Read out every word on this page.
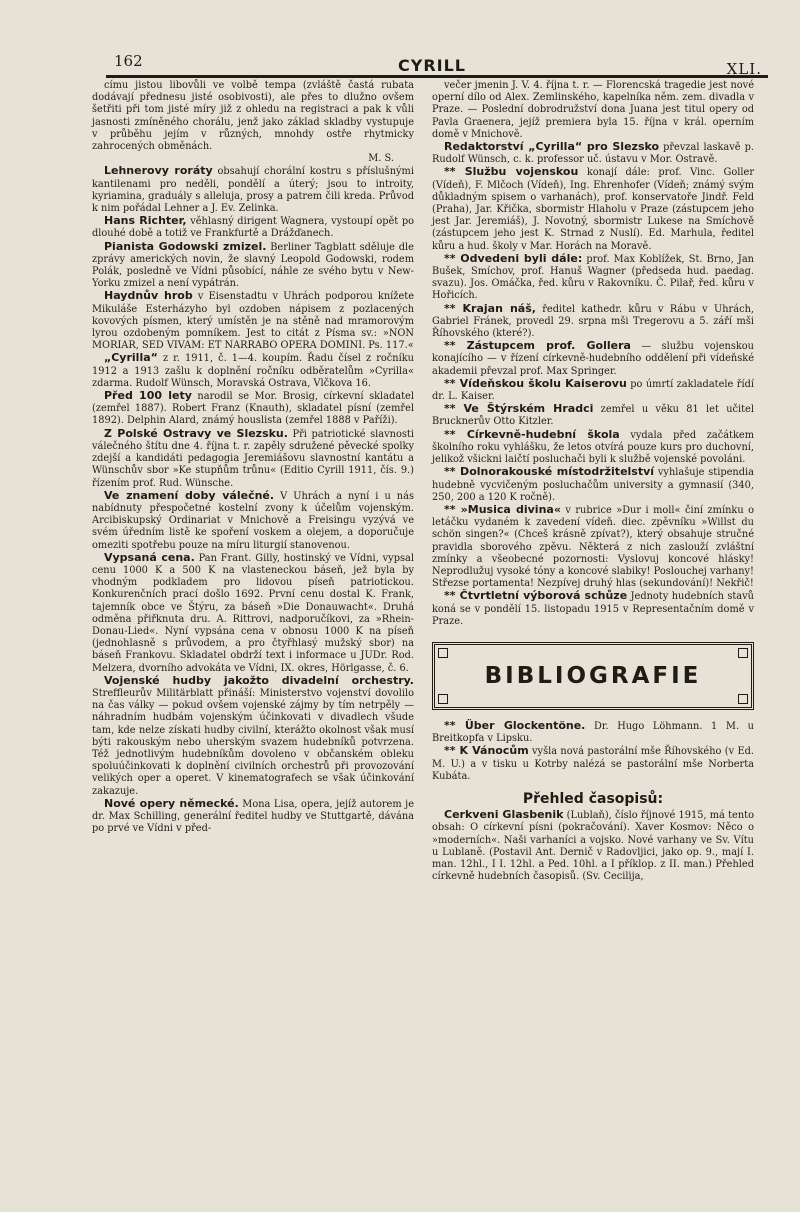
162	CYRILL	XLI.

címu jistou libovůli ve volbě tempa (zvláště častá rubata dodávají přednesu jisté osobivosti), ale přes to dlužno ovšem šetřiti při tom jisté míry již z ohledu na registraci a pak k vůli jasnosti zmíněného chorálu, jenž jako základ skladby vystupuje v průběhu jejím v různých, mnohdy ostře rhytmicky zahrocených obměnách.

M. S.

Lehnerovy roráty obsahují chorální kostru s příslušnými kantilenami pro neděli, pondělí a úterý; jsou to introity, kyriamina, graduály s alleluja, prosy a patrem čili kreda. Průvod k nim pořádal Lehner a J. Ev. Zelinka.

Hans Richter, věhlasný dirigent Wagnera, vystoupí opět po dlouhé době a totiž ve Frankfurtě a Drážďanech.

Pianista Godowski zmizel. Berliner Tagblatt sděluje dle zprávy amerických novin, že slavný Leopold Godowski, rodem Polák, posledně ve Vídni působící, náhle ze svého bytu v New-Yorku zmizel a není vypátrán.

Haydnův hrob v Eisenstadtu v Uhrách podporou knížete Mikuláše Esterházyho byl ozdoben nápisem z pozlacených kovových písmen, který umístěn je na stěně nad mramorovým lyrou ozdobeným pomníkem. Jest to citát z Písma sv.: »NON MORIAR, SED VIVAM: ET NARRABO OPERA DOMINI. Ps. 117.«

„Cyrilla“ z r. 1911, č. 1—4. koupím. Řadu čísel z ročníku 1912 a 1913 zašlu k doplnění ročníku odběratelům »Cyrilla« zdarma. Rudolf Wünsch, Moravská Ostrava, Vlčkova 16.

Před 100 lety narodil se Mor. Brosig, církevní skladatel (zemřel 1887). Robert Franz (Knauth), skladatel písní (zemřel 1892). Delphin Alard, známý houslista (zemřel 1888 v Paříži).

Z Polské Ostravy ve Slezsku. Při patriotické slavnosti válečného štítu dne 4. října t. r. zapěly sdružené pěvecké spolky zdejší a kandidáti pedagogia Jeremiášovu slavnostní kantátu a Wünschův sbor »Ke stupňům trůnu« (Editio Cyrill 1911, čís. 9.) řízením prof. Rud. Wünsche.

Ve znamení doby válečné. V Uhrách a nyní i u nás nabídnuty přespočetné kostelní zvony k účelům vojenským. Arcibiskupský Ordinariat v Mnichově a Freisingu vyzývá ve svém úředním listě ke spoření voskem a olejem, a doporučuje omeziti spotřebu pouze na míru liturgií stanovenou.

Vypsaná cena. Pan Frant. Gilly, hostinský ve Vídni, vypsal cenu 1000 K a 500 K na vlasteneckou báseň, jež byla by vhodným podkladem pro lidovou píseň patriotickou. Konkurenčních prací došlo 1692. První cenu dostal K. Frank, tajemník obce ve Štýru, za báseň »Die Donauwacht«. Druhá odměna přiřknuta dru. A. Rittrovi, nadporučíkovi, za »Rhein-Donau-Lied«. Nyní vypsána cena v obnosu 1000 K na píseň (jednohlasně s průvodem, a pro čtyřhlasý mužský sbor) na báseň Frankovu. Skladatel obdrží text i informace u JUDr. Rod. Melzera, dvorního advokáta ve Vídni, IX. okres, Hörlgasse, č. 6.

Vojenské hudby jakožto divadelní orchestry. Streffleurův Militärblatt přináší: Ministerstvo vojenství dovolilo na čas války — pokud ovšem vojenské zájmy by tím netrpěly — náhradním hudbám vojenským účinkovati v divadlech všude tam, kde nelze získati hudby civilní, kterážto okolnost však musí býti rakouským nebo uherským svazem hudebníků potvrzena. Též jednotlivým hudebníkům dovoleno v občanském obleku spoluúčinkovati k doplnění civilních orchestrů při provozování velikých oper a operet. V kinematografech se však účinkování zakazuje.

Nové opery německé. Mona Lisa, opera, jejíž autorem je dr. Max Schilling, generální ředitel hudby ve Stuttgartě, dávána po prvé ve Vídni v před-

večer jmenin J. V. 4. října t. r. — Florencská tragedie jest nové operní dílo od Alex. Zemlinského, kapelníka něm. zem. divadla v Praze. — Poslední dobrodružství dona Juana jest titul opery od Pavla Graenera, jejíž premiera byla 15. října v král. operním domě v Mnichově.

Redaktorství „Cyrilla“ pro Slezsko převzal laskavě p. Rudolf Wünsch, c. k. professor uč. ústavu v Mor. Ostravě.

** Službu vojenskou konají dále: prof. Vinc. Goller (Vídeň), F. Mlčoch (Vídeň), Ing. Ehrenhofer (Vídeň; známý svým důkladným spisem o varhanách), prof. konservatoře Jindř. Feld (Praha), Jar. Křička, sbormistr Hlaholu v Praze (zástupcem jeho jest Jar. Jeremiáš), J. Novotný, sbormistr Lukese na Smíchově (zástupcem jeho jest K. Strnad z Nuslí). Ed. Marhula, ředitel kůru a hud. školy v Mar. Horách na Moravě.

** Odvedeni byli dále: prof. Max Koblížek, St. Brno, Jan Bušek, Smíchov, prof. Hanuš Wagner (předseda hud. paedag. svazu). Jos. Omáčka, řed. kůru v Rakovníku. Č. Pilař, řed. kůru v Hořicích.

** Krajan náš, ředitel kathedr. kůru v Rábu v Uhrách, Gabriel Fránek, provedl 29. srpna mši Tregerovu a 5. září mši Říhovského (které?).

** Zástupcem prof. Gollera — službu vojenskou konajícího — v řízení církevně-hudebního oddělení při vídeňské akademii převzal prof. Max Springer.

** Vídeňskou školu Kaiserovu po úmrtí zakladatele řídí dr. L. Kaiser.

** Ve Štýrském Hradci zemřel u věku 81 let učitel Brucknerův Otto Kitzler.

** Církevně-hudební škola vydala před začátkem školního roku vyhlášku, že letos otvírá pouze kurs pro duchovní, jelikož všickni laičtí posluchači byli k službě vojenské povoláni.

** Dolnorakouské místodržitelství vyhlašuje stipendia hudebně vycvičeným posluchačům university a gymnasií (340, 250, 200 a 120 K ročně).

** »Musica divina« v rubrice »Dur i moll« činí zmínku o letáčku vydaném k zavedení vídeň. diec. zpěvníku »Willst du schön singen?« (Chceš krásně zpívat?), který obsahuje stručné pravidla sborového zpěvu. Některá z nich zaslouží zvláštní zmínky a všeobecné pozornosti: Vyslovuj koncové hlásky! Neprodlužuj vysoké tóny a koncové slabiky! Poslouchej varhany! Střezse portamenta! Nezpívej druhý hlas (sekundování)! Nekřič!

** Čtvrtletní výborová schůze Jednoty hudebních stavů koná se v pondělí 15. listopadu 1915 v Representačním domě v Praze.

BIBLIOGRAFIE

** Über Glockentöne. Dr. Hugo Löhmann. 1 M. u Breitkopfa v Lipsku.

** K Vánocům vyšla nová pastorální mše Říhovského (v Ed. M. U.) a v tisku u Kotrby nalézá se pastorální mše Norberta Kubáta.

Přehled časopisů:

Cerkveni Glasbenik (Lublaň), číslo říjnové 1915, má tento obsah: O církevní písni (pokračování). Xaver Kosmov: Něco o »moderních«. Naši varhaníci a vojsko. Nové varhany ve Sv. Vítu u Lublaně. (Postavil Ant. Dernič v Radovljici, jako op. 9., mají I. man. 12hl., I I. 12hl. a Ped. 10hl. a I příklop. z II. man.) Přehled církevně hudebních časopisů. (Sv. Cecilija,
